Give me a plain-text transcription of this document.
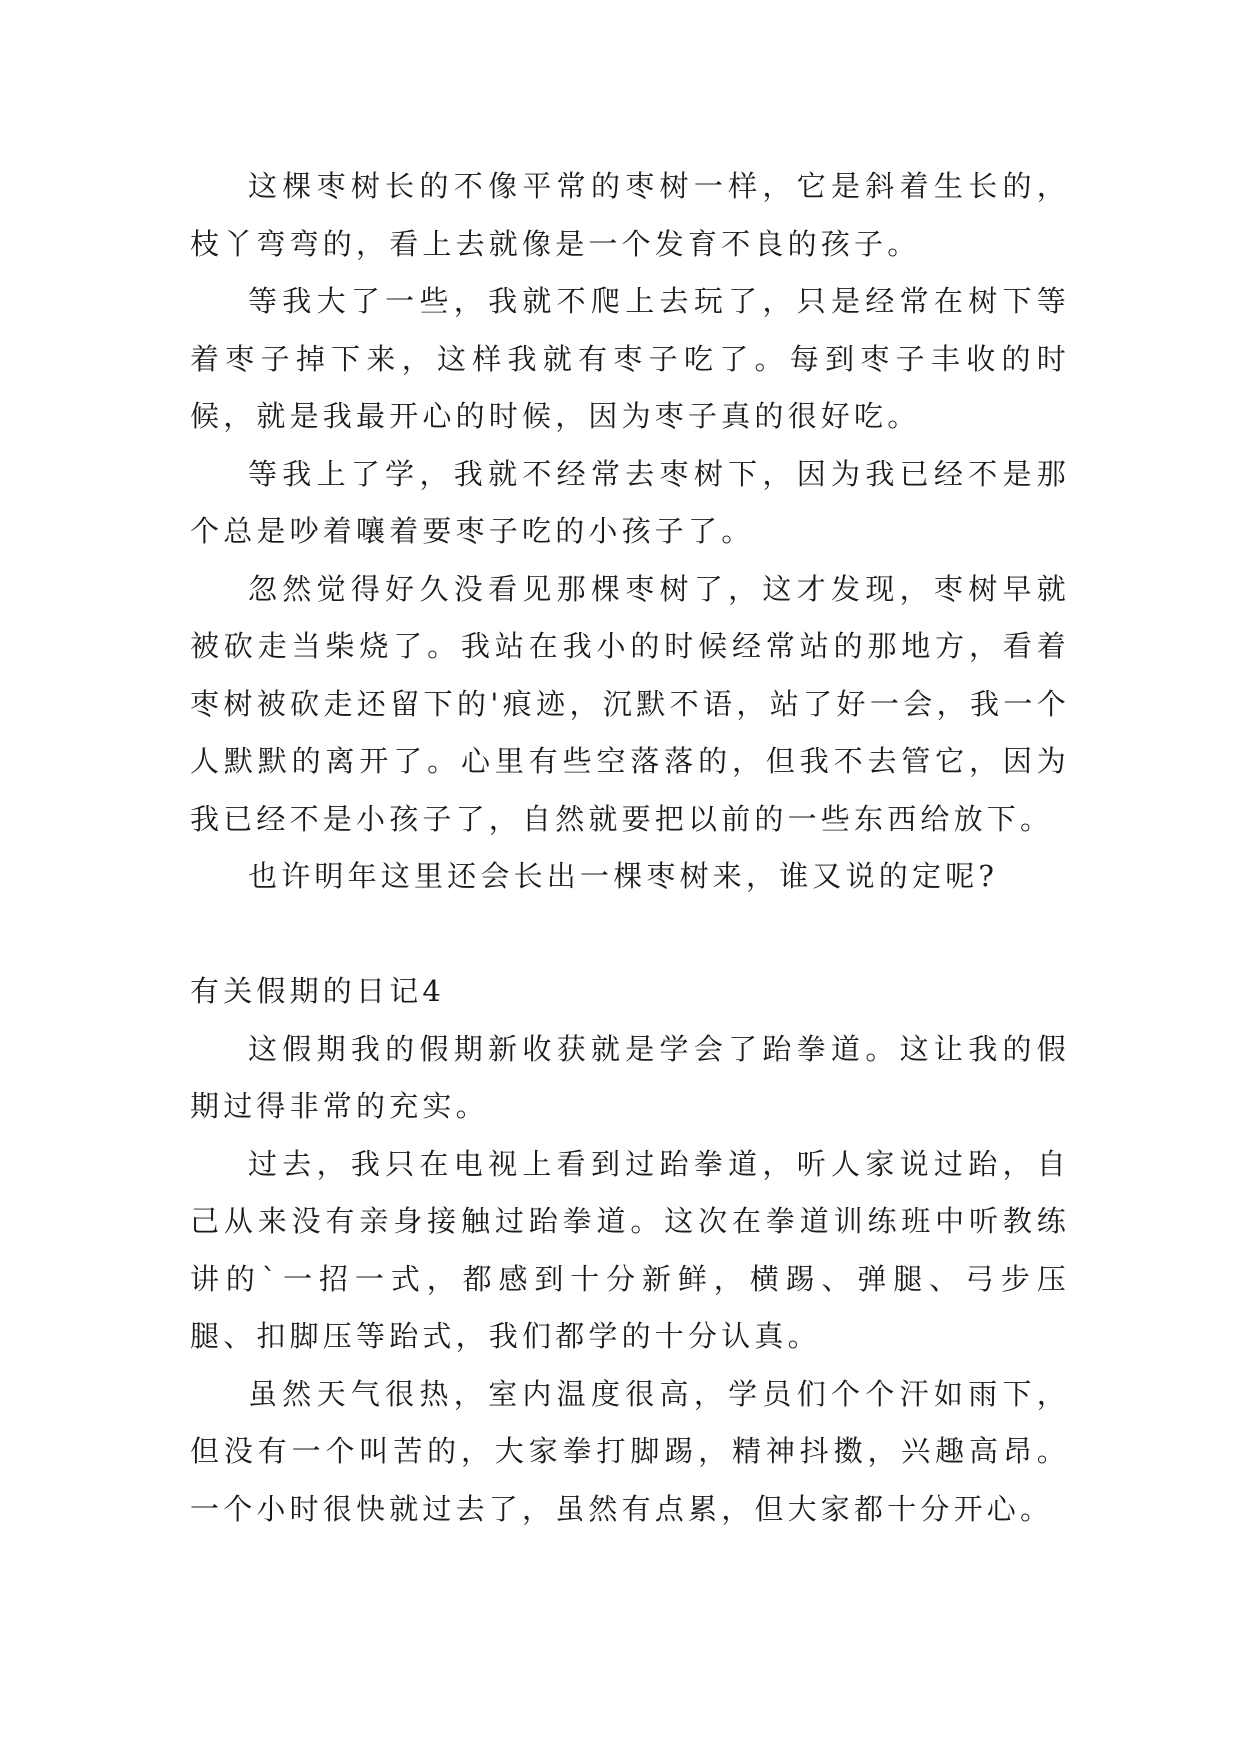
这棵枣树长的不像平常的枣树一样，它是斜着生长的，枝丫弯弯的，看上去就像是一个发育不良的孩子。

等我大了一些，我就不爬上去玩了，只是经常在树下等着枣子掉下来，这样我就有枣子吃了。每到枣子丰收的时候，就是我最开心的时候，因为枣子真的很好吃。

等我上了学，我就不经常去枣树下，因为我已经不是那个总是吵着嚷着要枣子吃的小孩子了。

忽然觉得好久没看见那棵枣树了，这才发现，枣树早就被砍走当柴烧了。我站在我小的时候经常站的那地方，看着枣树被砍走还留下的'痕迹，沉默不语，站了好一会，我一个人默默的离开了。心里有些空落落的，但我不去管它，因为我已经不是小孩子了，自然就要把以前的一些东西给放下。

也许明年这里还会长出一棵枣树来，谁又说的定呢?

有关假期的日记4

这假期我的假期新收获就是学会了跆拳道。这让我的假期过得非常的充实。

过去，我只在电视上看到过跆拳道，听人家说过跆，自己从来没有亲身接触过跆拳道。这次在拳道训练班中听教练讲的`一招一式，都感到十分新鲜，横踢、弹腿、弓步压腿、扣脚压等跆式，我们都学的十分认真。

虽然天气很热，室内温度很高，学员们个个汗如雨下，但没有一个叫苦的，大家拳打脚踢，精神抖擞，兴趣高昂。一个小时很快就过去了，虽然有点累，但大家都十分开心。
